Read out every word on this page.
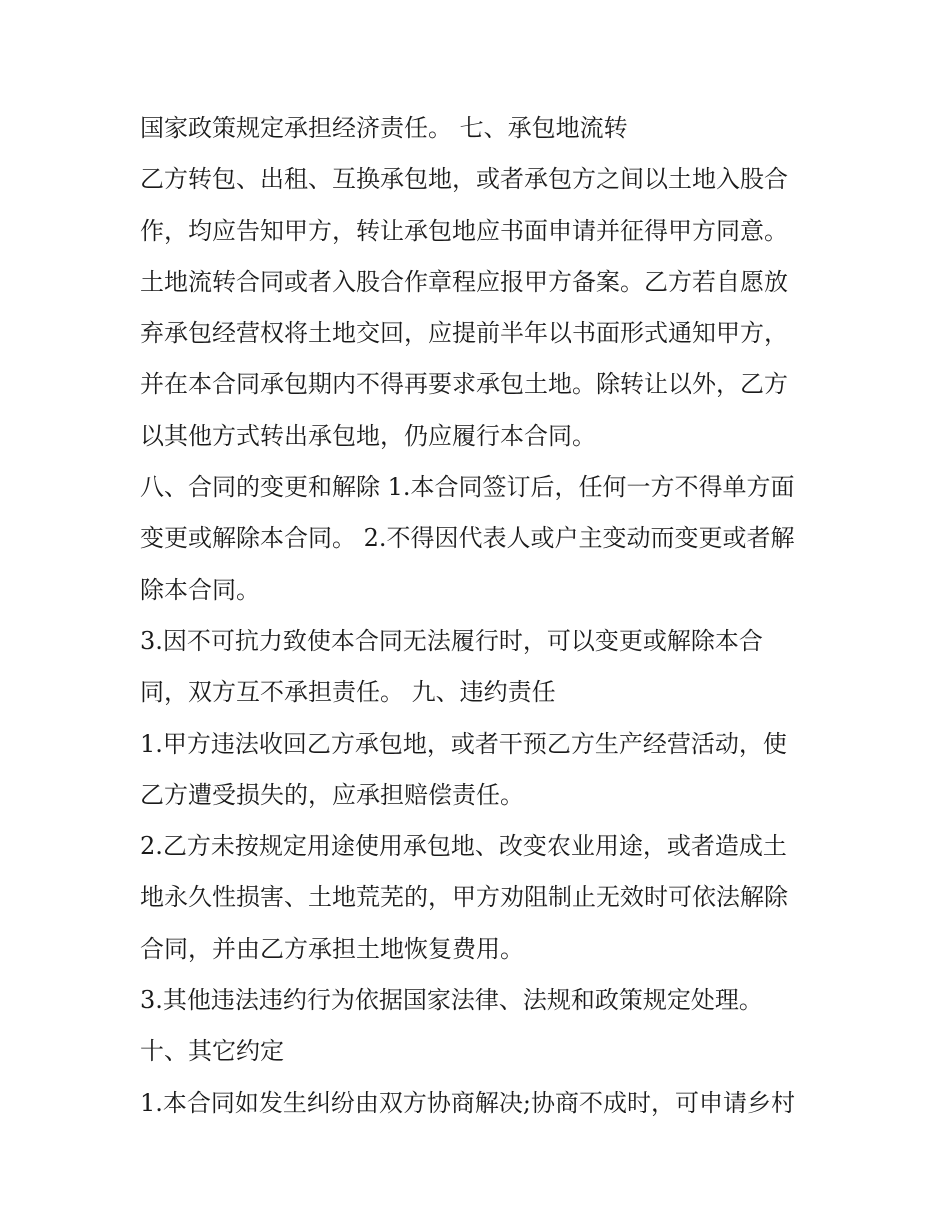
国家政策规定承担经济责任。 七、承包地流转
乙方转包、出租、互换承包地，或者承包方之间以土地入股合
作，均应告知甲方，转让承包地应书面申请并征得甲方同意。
土地流转合同或者入股合作章程应报甲方备案。乙方若自愿放
弃承包经营权将土地交回，应提前半年以书面形式通知甲方，
并在本合同承包期内不得再要求承包土地。除转让以外，乙方
以其他方式转出承包地，仍应履行本合同。
八、合同的变更和解除 1.本合同签订后，任何一方不得单方面
变更或解除本合同。 2.不得因代表人或户主变动而变更或者解
除本合同。
3.因不可抗力致使本合同无法履行时，可以变更或解除本合
同，双方互不承担责任。 九、违约责任
1.甲方违法收回乙方承包地，或者干预乙方生产经营活动，使
乙方遭受损失的，应承担赔偿责任。
2.乙方未按规定用途使用承包地、改变农业用途，或者造成土
地永久性损害、土地荒芜的，甲方劝阻制止无效时可依法解除
合同，并由乙方承担土地恢复费用。
3.其他违法违约行为依据国家法律、法规和政策规定处理。
十、其它约定
1.本合同如发生纠纷由双方协商解决;协商不成时，可申请乡村
